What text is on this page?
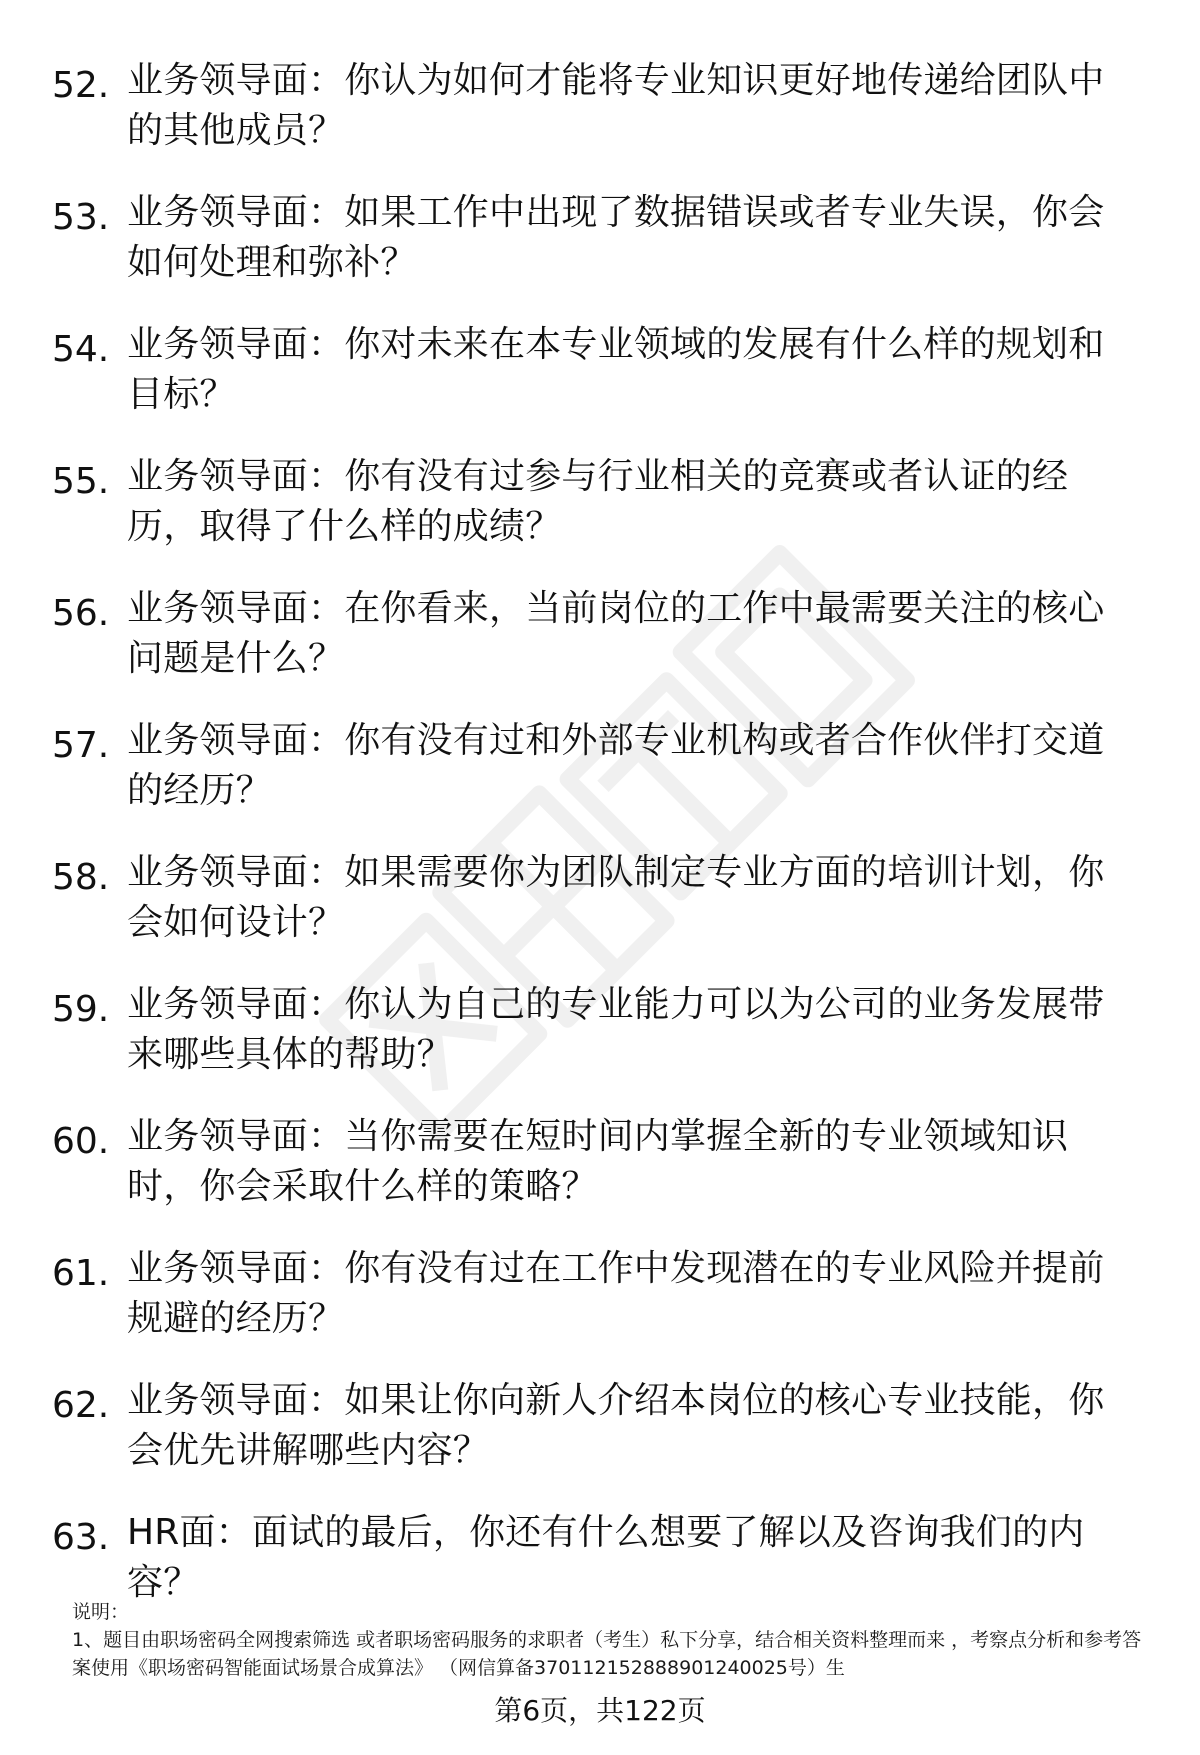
52. 业务领导面：你认为如何才能将专业知识更好地传递给团队中的其他成员？
53. 业务领导面：如果工作中出现了数据错误或者专业失误，你会如何处理和弥补？
54. 业务领导面：你对未来在本专业领域的发展有什么样的规划和目标？
55. 业务领导面：你有没有过参与行业相关的竞赛或者认证的经历，取得了什么样的成绩？
56. 业务领导面：在你看来，当前岗位的工作中最需要关注的核心问题是什么？
57. 业务领导面：你有没有过和外部专业机构或者合作伙伴打交道的经历？
58. 业务领导面：如果需要你为团队制定专业方面的培训计划，你会如何设计？
59. 业务领导面：你认为自己的专业能力可以为公司的业务发展带来哪些具体的帮助？
60. 业务领导面：当你需要在短时间内掌握全新的专业领域知识时，你会采取什么样的策略？
61. 业务领导面：你有没有过在工作中发现潜在的专业风险并提前规避的经历？
62. 业务领导面：如果让你向新人介绍本岗位的核心专业技能，你会优先讲解哪些内容？
63. HR面：面试的最后，你还有什么想要了解以及咨询我们的内容？

说明：

1、题目由职场密码全网搜索筛选 或者职场密码服务的求职者（考生）私下分享，结合相关资料整理而来 ，考察点分析和参考答案使用《职场密码智能面试场景合成算法》 （网信算备370112152888901240025号）生

第6页，共122页
